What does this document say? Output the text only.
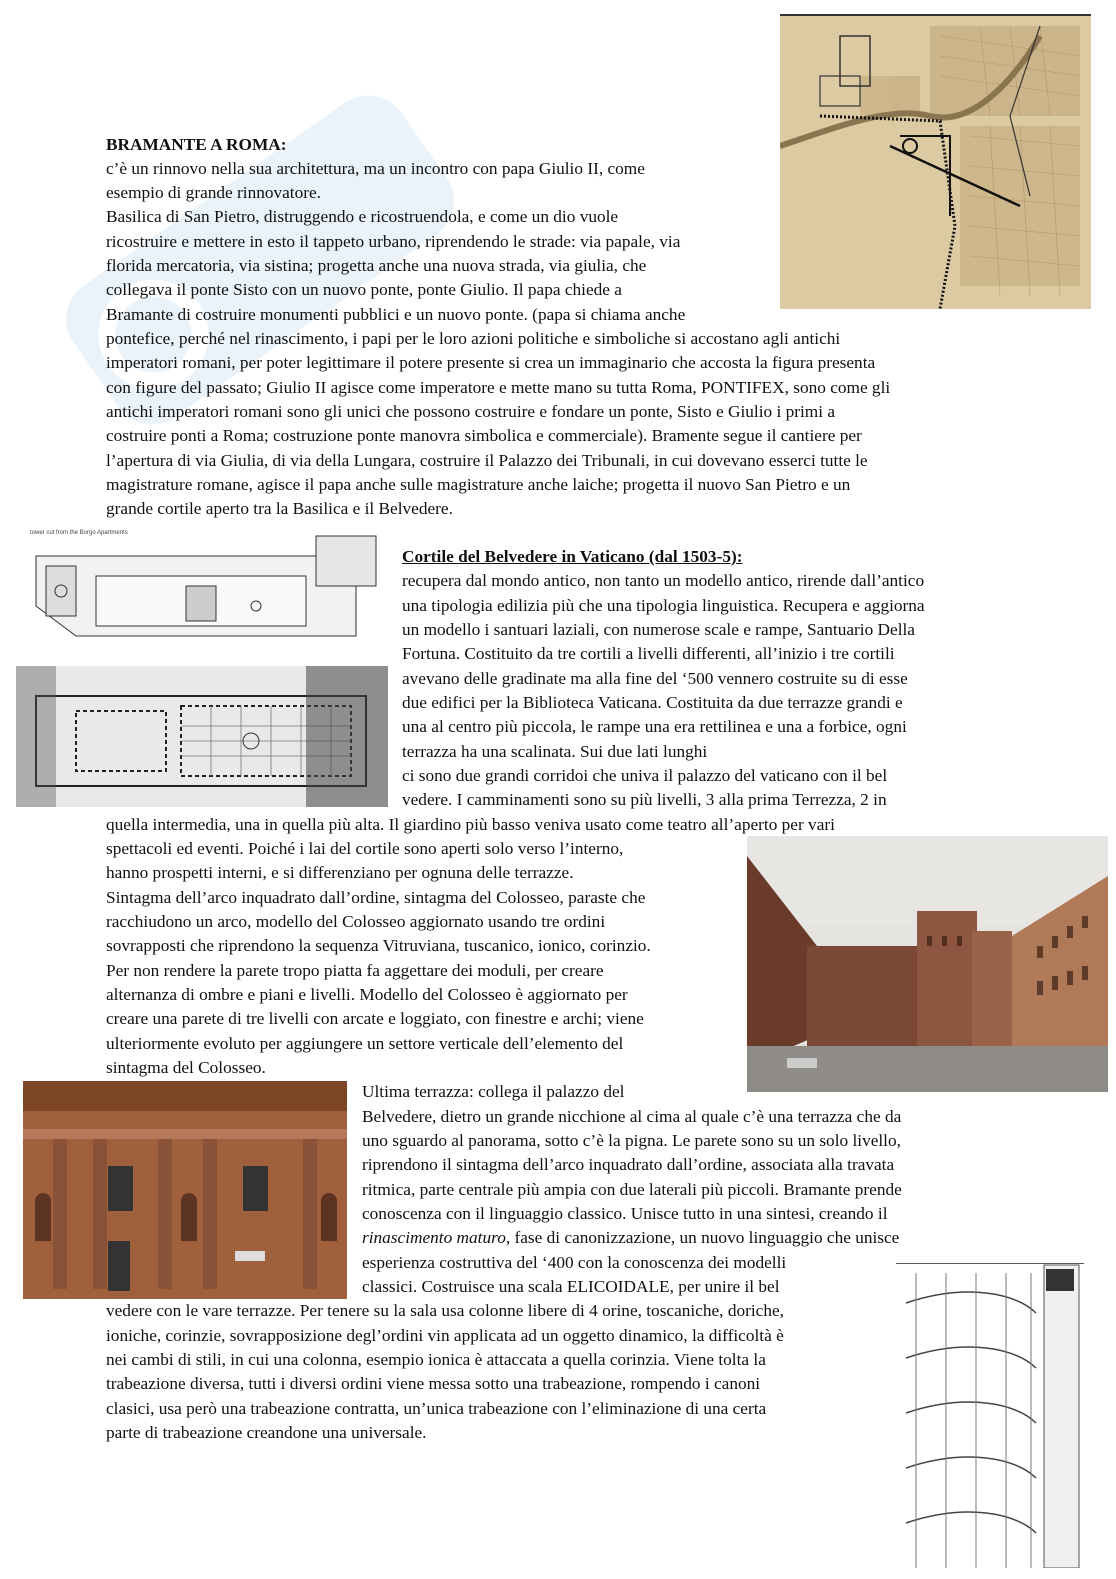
tower cut from the Borgo Apartments
BRAMANTE A ROMA:
c’è un rinnovo nella sua architettura, ma un incontro con papa Giulio II, come
esempio di grande rinnovatore.
Basilica di San Pietro, distruggendo e ricostruendola, e come un dio vuole
ricostruire e mettere in esto il tappeto urbano, riprendendo le strade: via papale, via
florida mercatoria, via sistina; progetta anche una nuova strada, via giulia, che
collegava il ponte Sisto con un nuovo ponte, ponte Giulio. Il papa chiede a
Bramante di costruire monumenti pubblici e un nuovo ponte. (papa si chiama anche
pontefice, perché nel rinascimento, i papi per le loro azioni politiche e simboliche si accostano agli antichi
imperatori romani, per poter legittimare il potere presente si crea un immaginario che accosta la figura presenta
con figure del passato; Giulio II agisce come imperatore e mette mano su tutta Roma, PONTIFEX, sono come gli
antichi imperatori romani sono gli unici che possono costruire e fondare un ponte, Sisto e Giulio i primi a
costruire ponti a Roma; costruzione ponte manovra simbolica e commerciale). Bramente segue il cantiere per
l’apertura di via Giulia, di via della Lungara, costruire il Palazzo dei Tribunali, in cui dovevano esserci tutte le
magistrature romane, agisce il papa anche sulle magistrature anche laiche; progetta il nuovo San Pietro e un
grande cortile aperto tra la Basilica e il Belvedere.
Cortile del Belvedere in Vaticano (dal 1503-5):
recupera dal mondo antico, non tanto un modello antico, rirende dall’antico
una tipologia edilizia più che una tipologia linguistica. Recupera e aggiorna
un modello i santuari laziali, con numerose scale e rampe, Santuario Della
Fortuna. Costituito da tre cortili a livelli differenti, all’inizio i tre cortili
avevano delle gradinate ma alla fine del ‘500 vennero costruite su di esse
due edifici per la Biblioteca Vaticana. Costituita da due terrazze grandi e
una al centro più piccola, le rampe una era rettilinea e una a forbice, ogni
terrazza ha una scalinata. Sui due lati lunghi
ci sono due grandi corridoi che univa il palazzo del vaticano con il bel
vedere. I camminamenti sono su più livelli, 3 alla prima Terrezza, 2 in
quella intermedia, una in quella più alta. Il giardino più basso veniva usato come teatro all’aperto per vari
spettacoli ed eventi. Poiché i lai del cortile sono aperti solo verso l’interno,
hanno prospetti interni, e si differenziano per ognuna delle terrazze.
Sintagma dell’arco inquadrato dall’ordine, sintagma del Colosseo, paraste che
racchiudono un arco, modello del Colosseo aggiornato usando tre ordini
sovrapposti che riprendono la sequenza Vitruviana, tuscanico, ionico, corinzio.
Per non rendere la parete tropo piatta fa aggettare dei moduli, per creare
alternanza di ombre e piani e livelli. Modello del Colosseo è aggiornato per
creare una parete di tre livelli con arcate e loggiato, con finestre e archi; viene
ulteriormente evoluto per aggiungere un settore verticale dell’elemento del
sintagma del Colosseo.
Ultima terrazza: collega il palazzo del
Belvedere, dietro un grande nicchione al cima al quale c’è una terrazza che da
uno sguardo al panorama, sotto c’è la pigna. Le parete sono su un solo livello,
riprendono il sintagma dell’arco inquadrato dall’ordine, associata alla travata
ritmica, parte centrale più ampia con due laterali più piccoli. Bramante prende
conoscenza con il linguaggio classico. Unisce tutto in una sintesi, creando il
rinascimento maturo, fase di canonizzazione, un nuovo linguaggio che unisce
esperienza costruttiva del ‘400 con la conoscenza dei modelli
classici. Costruisce una scala ELICOIDALE, per unire il bel
vedere con le vare terrazze. Per tenere su la sala usa colonne libere di 4 orine, toscaniche, doriche,
ioniche, corinzie, sovrapposizione degl’ordini vin applicata ad un oggetto dinamico, la difficoltà è
nei cambi di stili, in cui una colonna, esempio ionica è attaccata a quella corinzia. Viene tolta la
trabeazione diversa, tutti i diversi ordini viene messa sotto una trabeazione, rompendo i canoni
clasici, usa però una trabeazione contratta, un’unica trabeazione con l’eliminazione di una certa
parte di trabeazione creandone una universale.
